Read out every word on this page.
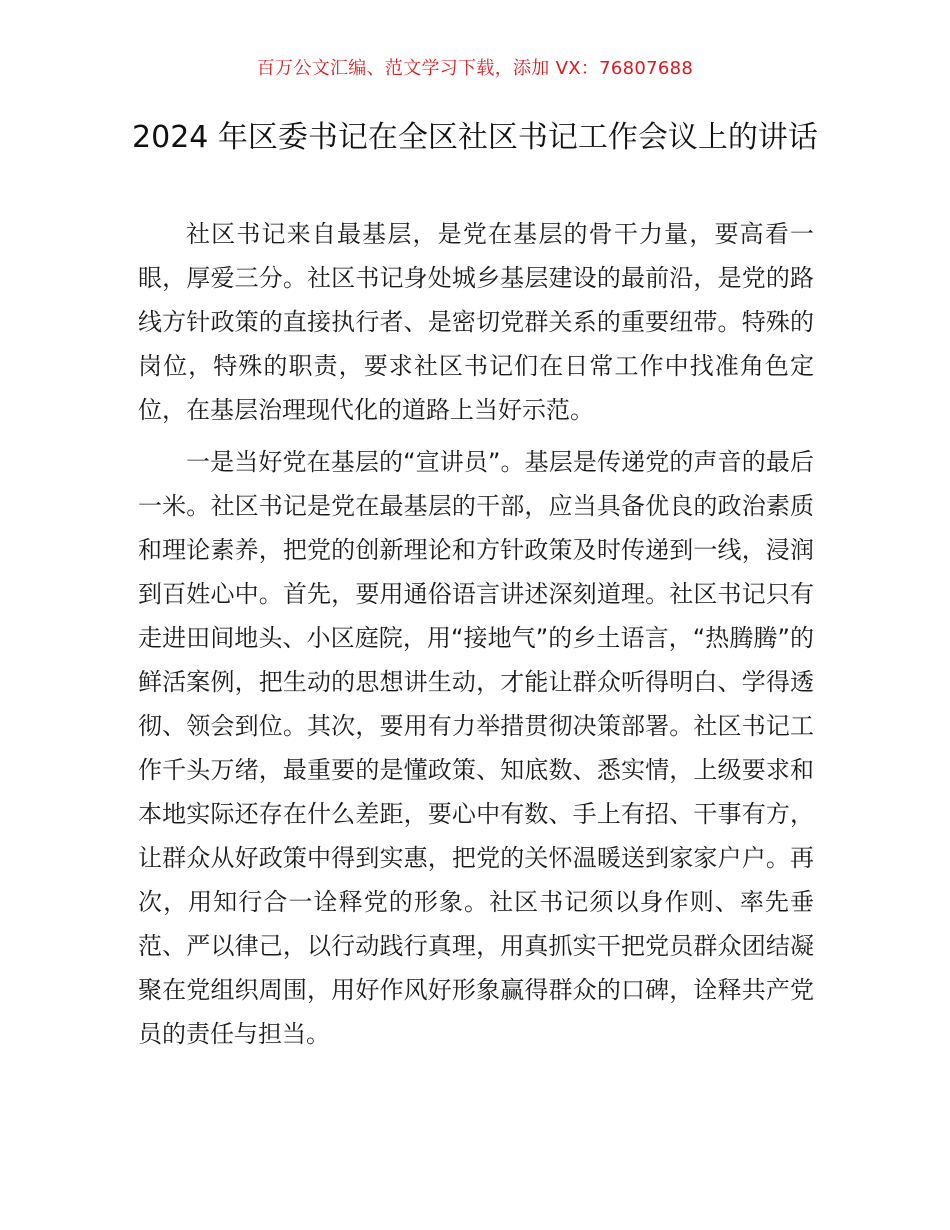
百万公文汇编、范文学习下载，添加 VX：76807688
2024 年区委书记在全区社区书记工作会议上的讲话

社区书记来自最基层，是党在基层的骨干力量，要高看一眼，厚爱三分。社区书记身处城乡基层建设的最前沿，是党的路线方针政策的直接执行者、是密切党群关系的重要纽带。特殊的岗位，特殊的职责，要求社区书记们在日常工作中找准角色定位，在基层治理现代化的道路上当好示范。

一是当好党在基层的“宣讲员”。基层是传递党的声音的最后一米。社区书记是党在最基层的干部，应当具备优良的政治素质和理论素养，把党的创新理论和方针政策及时传递到一线，浸润到百姓心中。首先，要用通俗语言讲述深刻道理。社区书记只有走进田间地头、小区庭院，用“接地气”的乡土语言，“热腾腾”的鲜活案例，把生动的思想讲生动，才能让群众听得明白、学得透彻、领会到位。其次，要用有力举措贯彻决策部署。社区书记工作千头万绪，最重要的是懂政策、知底数、悉实情，上级要求和本地实际还存在什么差距，要心中有数、手上有招、干事有方，让群众从好政策中得到实惠，把党的关怀温暖送到家家户户。再次，用知行合一诠释党的形象。社区书记须以身作则、率先垂范、严以律己，以行动践行真理，用真抓实干把党员群众团结凝聚在党组织周围，用好作风好形象赢得群众的口碑，诠释共产党员的责任与担当。
